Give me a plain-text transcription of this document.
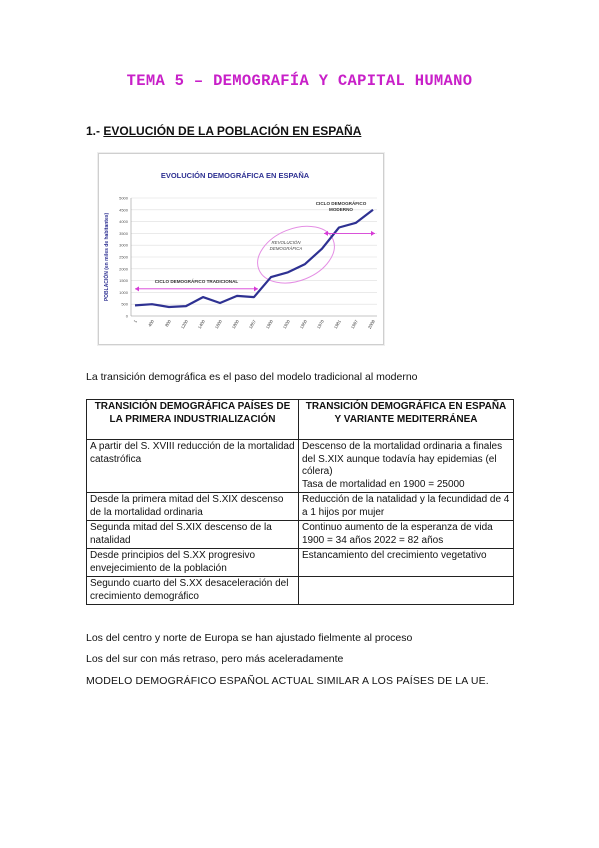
TEMA 5 – DEMOGRAFÍA Y CAPITAL HUMANO
1.- EVOLUCIÓN DE LA POBLACIÓN EN ESPAÑA
EVOLUCIÓN DEMOGRÁFICA EN ESPAÑA
POBLACIÓN (en miles de habitantes)
0
500
1000
1500
2000
2500
3000
3500
4000
4500
5000
1 400 800 1200 1400 1600 1800 1857 1900 1930 1950 1970 1981 1997 2008
CICLO DEMOGRÁFICO TRADICIONAL
REVOLUCIÓN
DEMOGRÁFICA
CICLO DEMOGRÁFICO
MODERNO
La transición demográfica es el paso del modelo tradicional al moderno
TRANSICIÓN DEMOGRÁFICA PAÍSES DE LA PRIMERA INDUSTRIALIZACIÓN	TRANSICIÓN DEMOGRÁFICA EN ESPAÑA Y VARIANTE MEDITERRÁNEA
A partir del S. XVIII reducción de la mortalidad catastrófica	Descenso de la mortalidad ordinaria a finales del S.XIX aunque todavía hay epidemias (el cólera)
Tasa de mortalidad en 1900 = 25000
Desde la primera mitad del S.XIX descenso de la mortalidad ordinaria	Reducción de la natalidad y la fecundidad de 4 a 1 hijos por mujer
Segunda mitad del S.XIX descenso de la natalidad	Continuo aumento de la esperanza de vida
1900 = 34 años 2022 = 82 años
Desde principios del S.XX progresivo envejecimiento de la población	Estancamiento del crecimiento vegetativo
Segundo cuarto del S.XX desaceleración del crecimiento demográfico	
Los del centro y norte de Europa se han ajustado fielmente al proceso
Los del sur con más retraso, pero más aceleradamente
MODELO DEMOGRÁFICO ESPAÑOL ACTUAL SIMILAR A LOS PAÍSES DE LA UE.
